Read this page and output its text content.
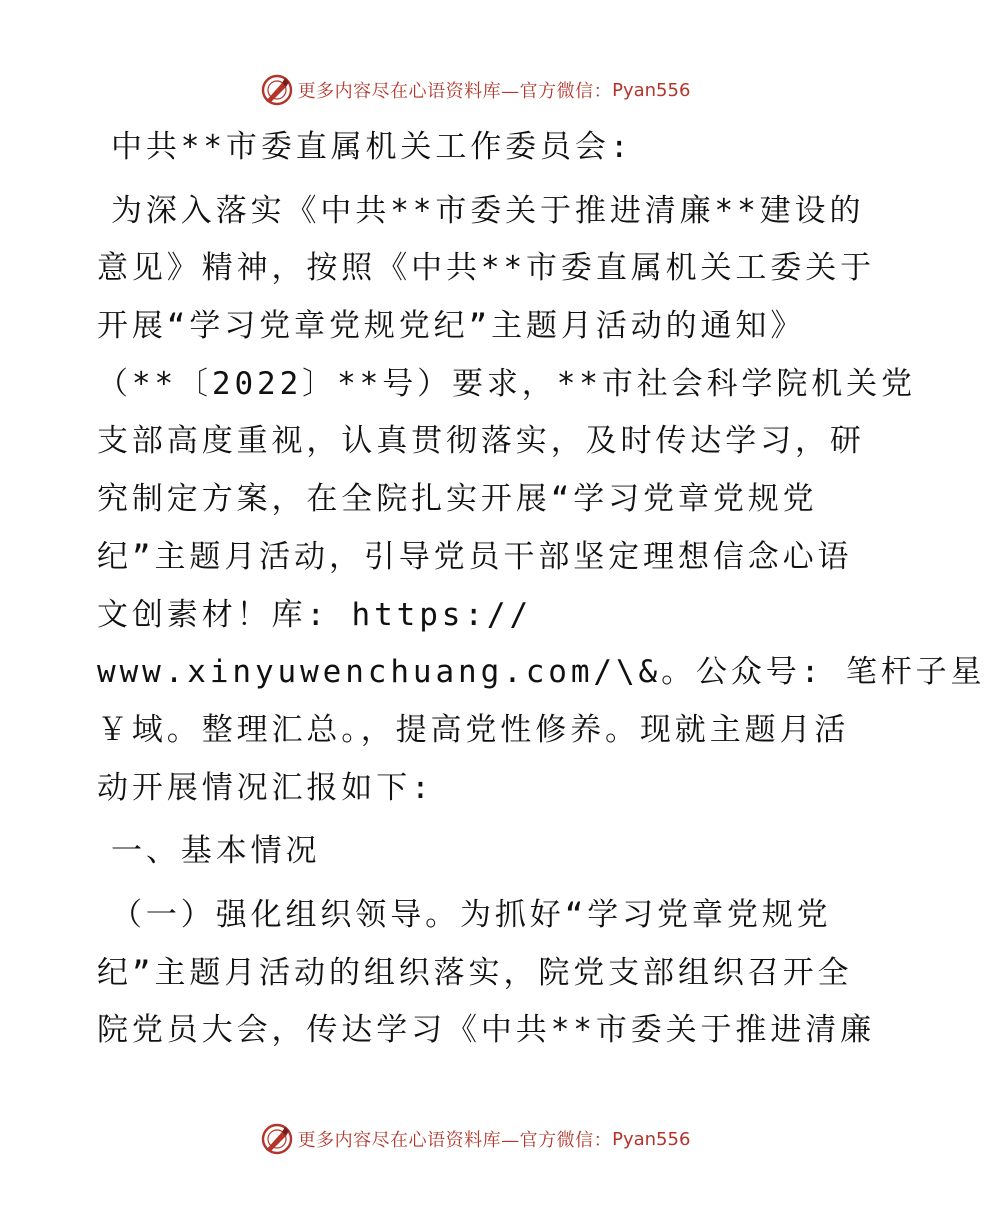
更多内容尽在心语资料库—官方微信： Pyan556
中共**市委直属机关工作委员会:
为深入落实《中共**市委关于推进清廉**建设的
意见》精神，按照《中共**市委直属机关工委关于
开展“学习党章党规党纪”主题月活动的通知》
（**〔2022〕**号）要求，**市社会科学院机关党
支部高度重视，认真贯彻落实，及时传达学习，研
究制定方案，在全院扎实开展“学习党章党规党
纪”主题月活动，引导党员干部坚定理想信念心语
文创素材！库: https://
www.xinyuwenchuang.com/\&。公众号: 笔杆子星
￥域。整理汇总。，提高党性修养。现就主题月活
动开展情况汇报如下:
一、基本情况
（一）强化组织领导。为抓好“学习党章党规党
纪”主题月活动的组织落实，院党支部组织召开全
院党员大会，传达学习《中共**市委关于推进清廉
更多内容尽在心语资料库—官方微信： Pyan556
